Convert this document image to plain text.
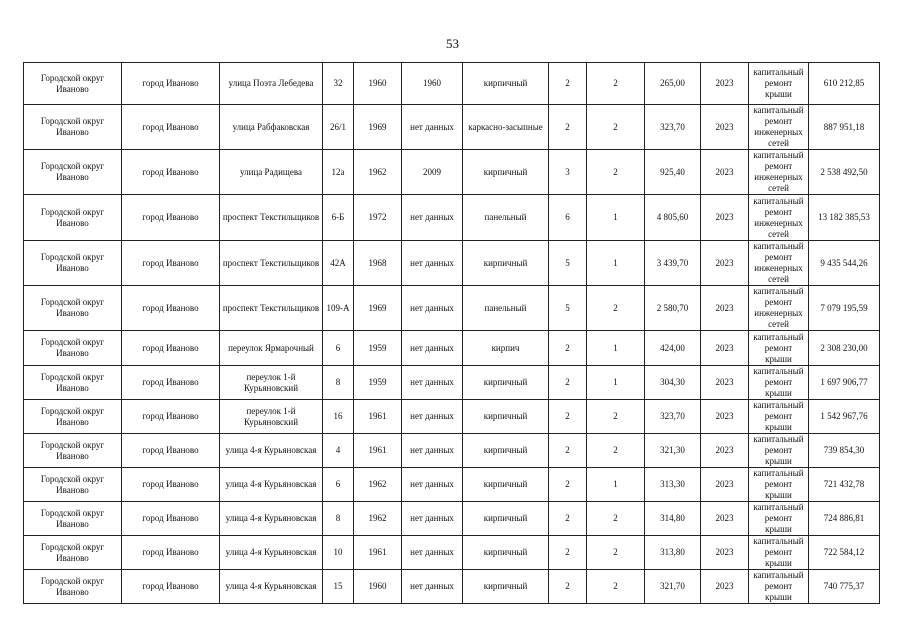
53
Городской округ Иваново	город Иваново	улица Поэта Лебедева	32	1960	1960	кирпичный	2	2	265,00	2023	капитальный ремонт крыши	610 212,85
Городской округ Иваново	город Иваново	улица Рабфаковская	26/1	1969	нет данных	каркасно-засыпные	2	2	323,70	2023	капитальный ремонт инженерных сетей	887 951,18
Городской округ Иваново	город Иваново	улица Радищева	12а	1962	2009	кирпичный	3	2	925,40	2023	капитальный ремонт инженерных сетей	2 538 492,50
Городской округ Иваново	город Иваново	проспект Текстильщиков	6-Б	1972	нет данных	панельный	6	1	4 805,60	2023	капитальный ремонт инженерных сетей	13 182 385,53
Городской округ Иваново	город Иваново	проспект Текстильщиков	42А	1968	нет данных	кирпичный	5	1	3 439,70	2023	капитальный ремонт инженерных сетей	9 435 544,26
Городской округ Иваново	город Иваново	проспект Текстильщиков	109-А	1969	нет данных	панельный	5	2	2 580,70	2023	капитальный ремонт инженерных сетей	7 079 195,59
Городской округ Иваново	город Иваново	переулок Ярмарочный	6	1959	нет данных	кирпич	2	1	424,00	2023	капитальный ремонт крыши	2 308 230,00
Городской округ Иваново	город Иваново	переулок 1-й Курьяновский	8	1959	нет данных	кирпичный	2	1	304,30	2023	капитальный ремонт крыши	1 697 906,77
Городской округ Иваново	город Иваново	переулок 1-й Курьяновский	16	1961	нет данных	кирпичный	2	2	323,70	2023	капитальный ремонт крыши	1 542 967,76
Городской округ Иваново	город Иваново	улица 4-я Курьяновская	4	1961	нет данных	кирпичный	2	2	321,30	2023	капитальный ремонт крыши	739 854,30
Городской округ Иваново	город Иваново	улица 4-я Курьяновская	6	1962	нет данных	кирпичный	2	1	313,30	2023	капитальный ремонт крыши	721 432,78
Городской округ Иваново	город Иваново	улица 4-я Курьяновская	8	1962	нет данных	кирпичный	2	2	314,80	2023	капитальный ремонт крыши	724 886,81
Городской округ Иваново	город Иваново	улица 4-я Курьяновская	10	1961	нет данных	кирпичный	2	2	313,80	2023	капитальный ремонт крыши	722 584,12
Городской округ Иваново	город Иваново	улица 4-я Курьяновская	15	1960	нет данных	кирпичный	2	2	321,70	2023	капитальный ремонт крыши	740 775,37
